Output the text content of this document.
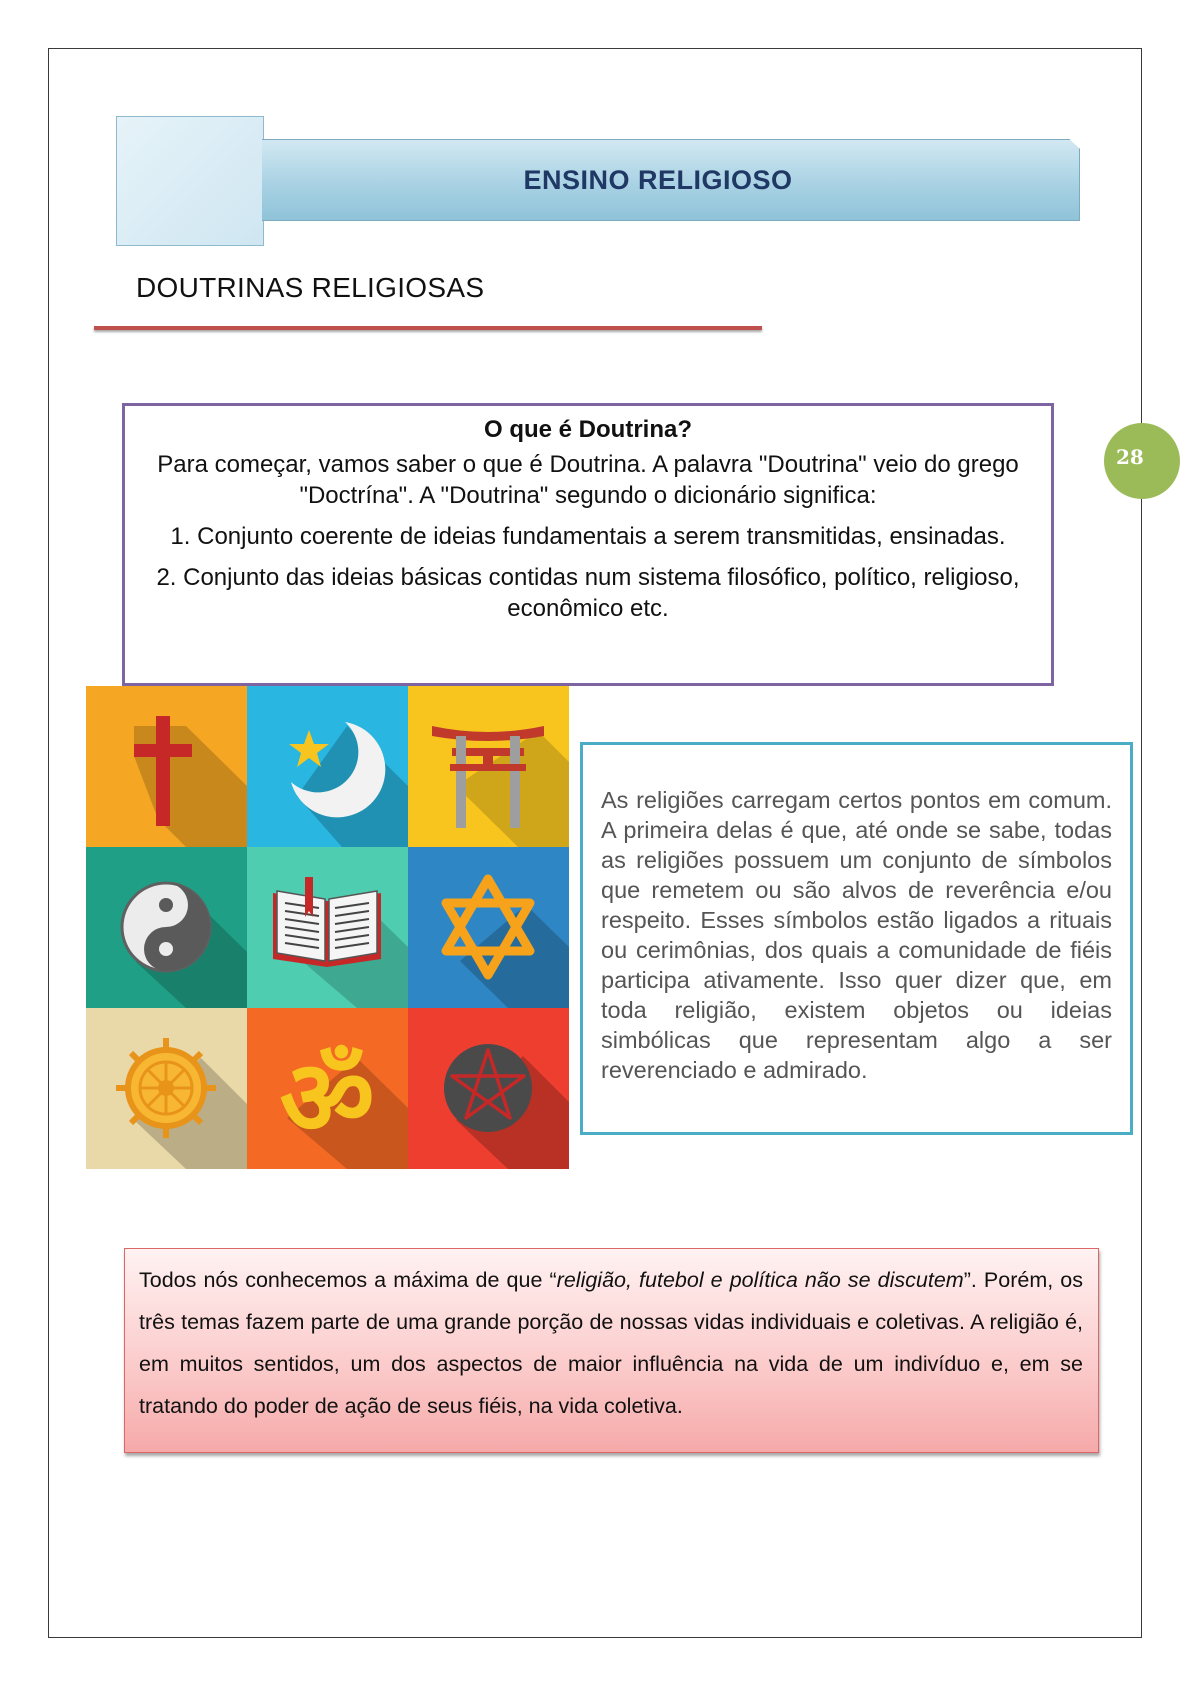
ENSINO RELIGIOSO
DOUTRINAS RELIGIOSAS
28
O que é Doutrina?

Para começar, vamos saber o que é Doutrina. A palavra "Doutrina" veio do grego "Doctrína". A "Doutrina" segundo o dicionário significa:

1. Conjunto coerente de ideias fundamentais a serem transmitidas, ensinadas.

2. Conjunto das ideias básicas contidas num sistema filosófico, político, religioso, econômico etc.

ॐ
As religiões carregam certos pontos em comum. A primeira delas é que, até onde se sabe, todas as religiões possuem um conjunto de símbolos que remetem ou são alvos de reverência e/ou respeito. Esses símbolos estão ligados a rituais ou cerimônias, dos quais a comunidade de fiéis participa ativamente. Isso quer dizer que, em toda religião, existem objetos ou ideias simbólicas que representam algo a ser reverenciado e admirado.
Todos nós conhecemos a máxima de que “religião, futebol e política não se discutem”. Porém, os três temas fazem parte de uma grande porção de nossas vidas individuais e coletivas. A religião é, em muitos sentidos, um dos aspectos de maior influência na vida de um indivíduo e, em se tratando do poder de ação de seus fiéis, na vida coletiva.
